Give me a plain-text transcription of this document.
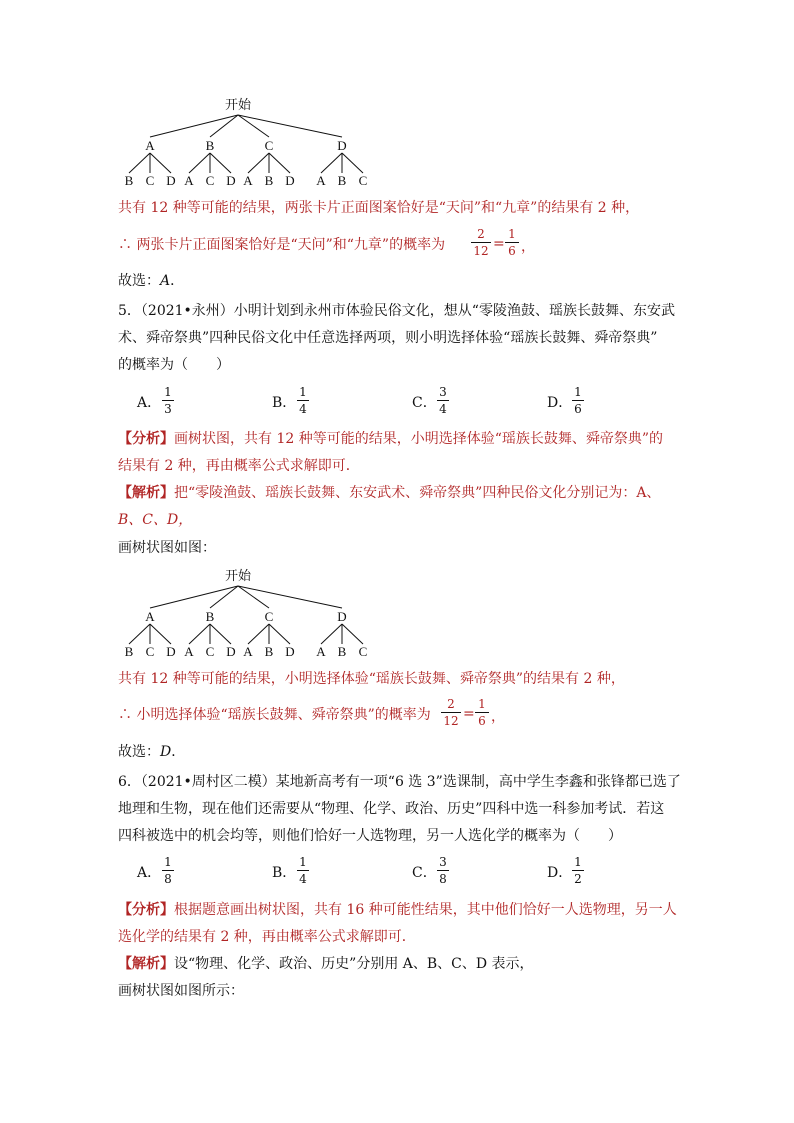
开始
A
B C D
B
A C D
C
A B D
D
A B C
共有 12 种等可能的结果，两张卡片正面图案恰好是“天问”和“九章”的结果有 2 种，
∴ 两张卡片正面图案恰好是“天问”和“九章”的概率为
2
12 =
1
6 ，
故选：A．
5．（2021•永州）小明计划到永州市体验民俗文化，想从“零陵渔鼓、瑶族长鼓舞、东安武
术、舜帝祭典”四种民俗文化中任意选择两项，则小明选择体验“瑶族长鼓舞、舜帝祭典”
的概率为（　　）
A．
1
3	B．
1
4	C．
3
4	D．
1
6
【分析】画树状图，共有 12 种等可能的结果，小明选择体验“瑶族长鼓舞、舜帝祭典”的
结果有 2 种，再由概率公式求解即可．
【解析】把“零陵渔鼓、瑶族长鼓舞、东安武术、舜帝祭典”四种民俗文化分别记为：A、
B、C、D，
画树状图如图：
开始
A
B C D
B
A C D
C
A B D
D
A B C
共有 12 种等可能的结果，小明选择体验“瑶族长鼓舞、舜帝祭典”的结果有 2 种，
∴ 小明选择体验“瑶族长鼓舞、舜帝祭典”的概率为
2
12 =
1
6 ，
故选：D．
6．（2021•周村区二模）某地新高考有一项“6 选 3”选课制，高中学生李鑫和张锋都已选了
地理和生物，现在他们还需要从“物理、化学、政治、历史”四科中选一科参加考试．若这
四科被选中的机会均等，则他们恰好一人选物理，另一人选化学的概率为（　　）
A．
1
8	B．
1
4	C．
3
8	D．
1
2
【分析】根据题意画出树状图，共有 16 种可能性结果，其中他们恰好一人选物理，另一人
选化学的结果有 2 种，再由概率公式求解即可．
【解析】设“物理、化学、政治、历史”分别用 A、B、C、D 表示，
画树状图如图所示：
